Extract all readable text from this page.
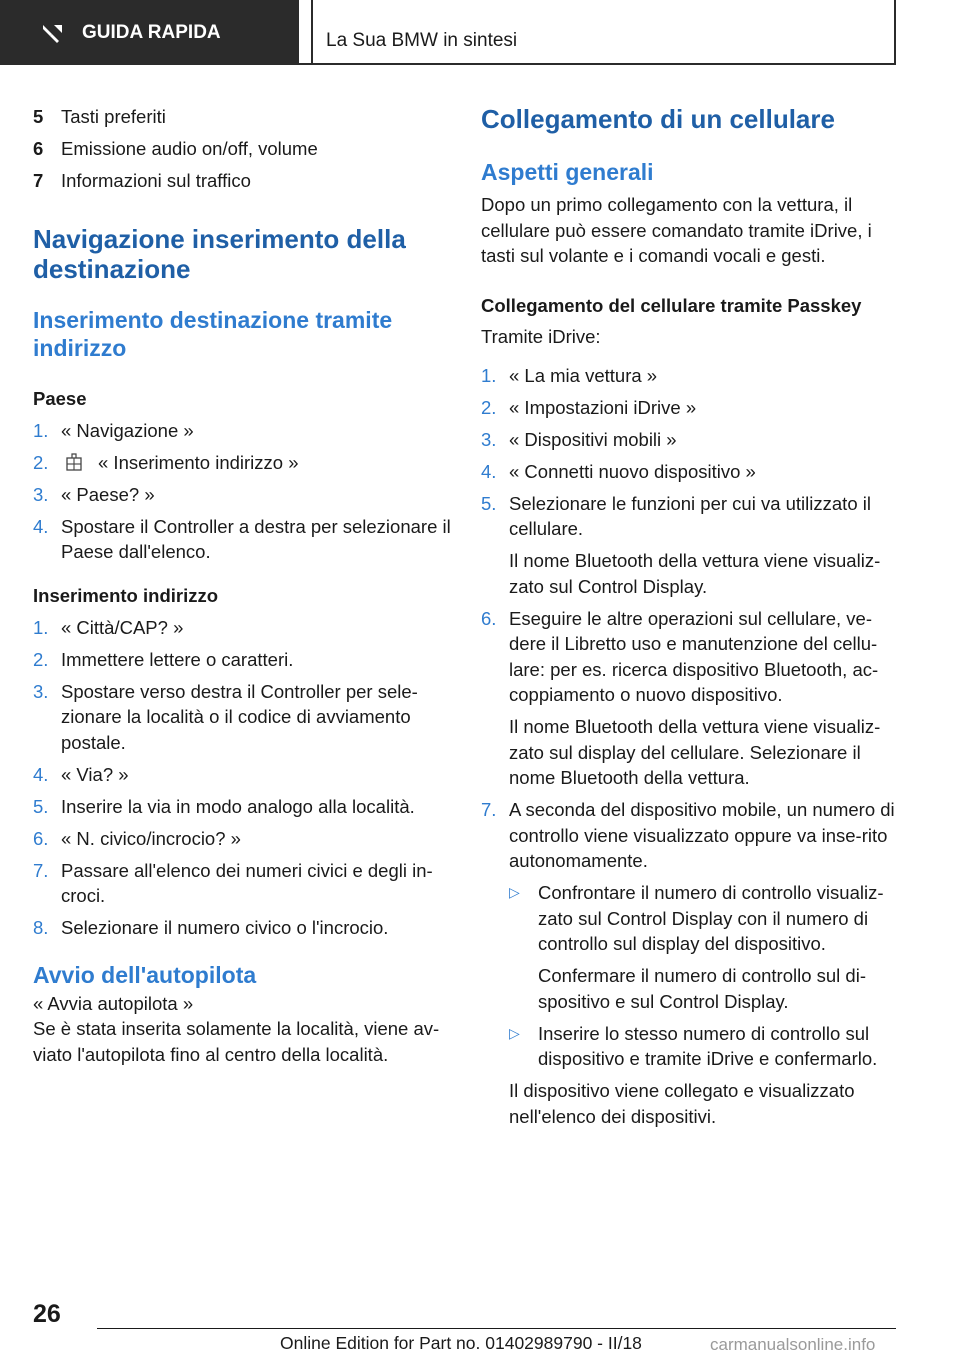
GUIDA RAPIDA	La Sua BMW in sintesi
5 Tasti preferiti
6 Emissione audio on/off, volume
7 Informazioni sul traffico
Navigazione inserimento della destinazione
Inserimento destinazione tramite indirizzo
Paese
1. « Navigazione »
2.	« Inserimento indirizzo »
3. « Paese? »
4. Spostare il Controller a destra per selezionare il Paese dall'elenco.
Inserimento indirizzo
1. « Città/CAP? »
2. Immettere lettere o caratteri.
3. Spostare verso destra il Controller per sele-zionare la località o il codice di avviamento postale.
4. « Via? »
5. Inserire la via in modo analogo alla località.
6. « N. civico/incrocio? »
7. Passare all'elenco dei numeri civici e degli in-croci.
8. Selezionare il numero civico o l'incrocio.
Avvio dell'autopilota

« Avvia autopilota »

Se è stata inserita solamente la località, viene av-viato l'autopilota fino al centro della località.

Collegamento di un cellulare
Aspetti generali

Dopo un primo collegamento con la vettura, il cellulare può essere comandato tramite iDrive, i tasti sul volante e i comandi vocali e gesti.

Collegamento del cellulare tramite Passkey

Tramite iDrive:

1. « La mia vettura »
2. « Impostazioni iDrive »
3. « Dispositivi mobili »
4. « Connetti nuovo dispositivo »
5. Selezionare le funzioni per cui va utilizzato il cellulare.

Il nome Bluetooth della vettura viene visualiz-zato sul Control Display.

6. Eseguire le altre operazioni sul cellulare, ve-dere il Libretto uso e manutenzione del cellu-lare: per es. ricerca dispositivo Bluetooth, ac-coppiamento o nuovo dispositivo.

Il nome Bluetooth della vettura viene visualiz-zato sul display del cellulare. Selezionare il nome Bluetooth della vettura.

7. A seconda del dispositivo mobile, un numero di controllo viene visualizzato oppure va inse-rito autonomamente.

▷ Confrontare il numero di controllo visualiz-zato sul Control Display con il numero di controllo sul display del dispositivo.

Confermare il numero di controllo sul di-spositivo e sul Control Display.

▷ Inserire lo stesso numero di controllo sul dispositivo e tramite iDrive e confermarlo.

Il dispositivo viene collegato e visualizzato nell'elenco dei dispositivi.

26
Online Edition for Part no. 01402989790 - II/18	carmanualsonline.info
